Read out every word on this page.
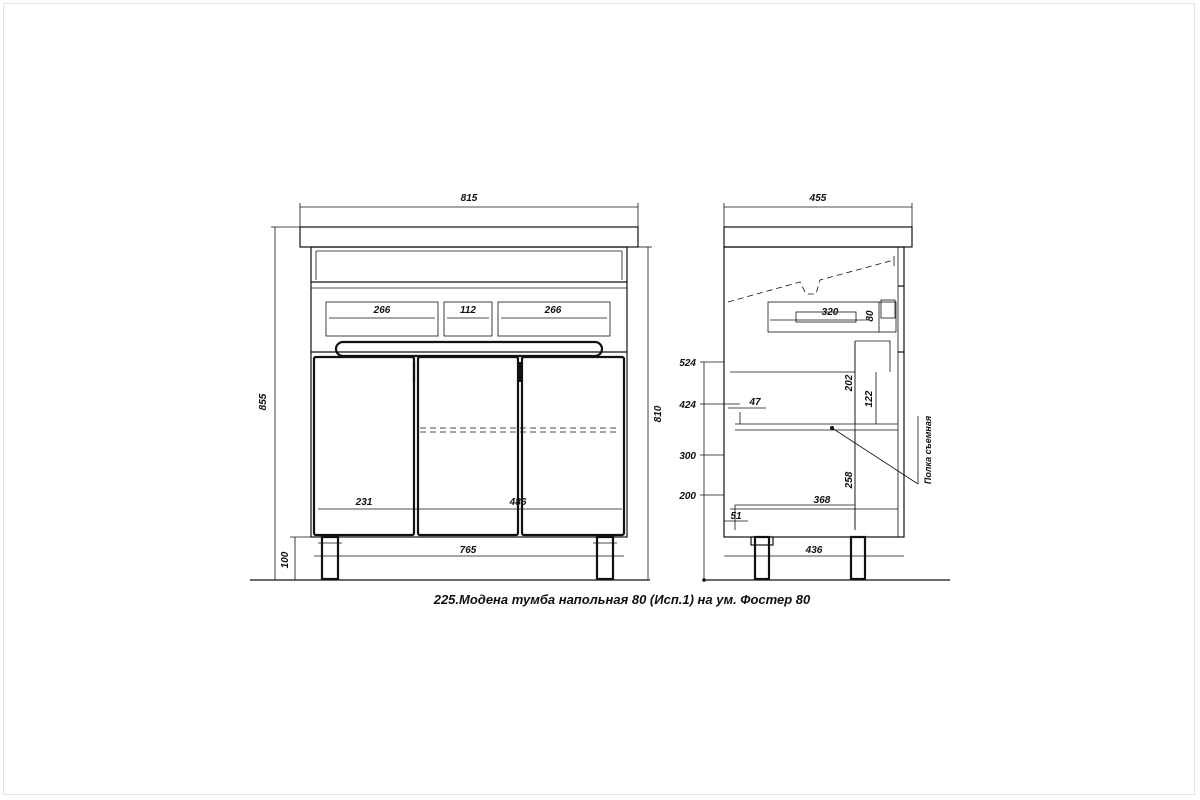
815
855
100
810
765
266	112	266
231	486
Полка съемная
455
320	80
202
122
258
368
47
51
436
524
424
300
200
225.Модена тумба напольная 80 (Исп.1) на ум. Фостер 80
